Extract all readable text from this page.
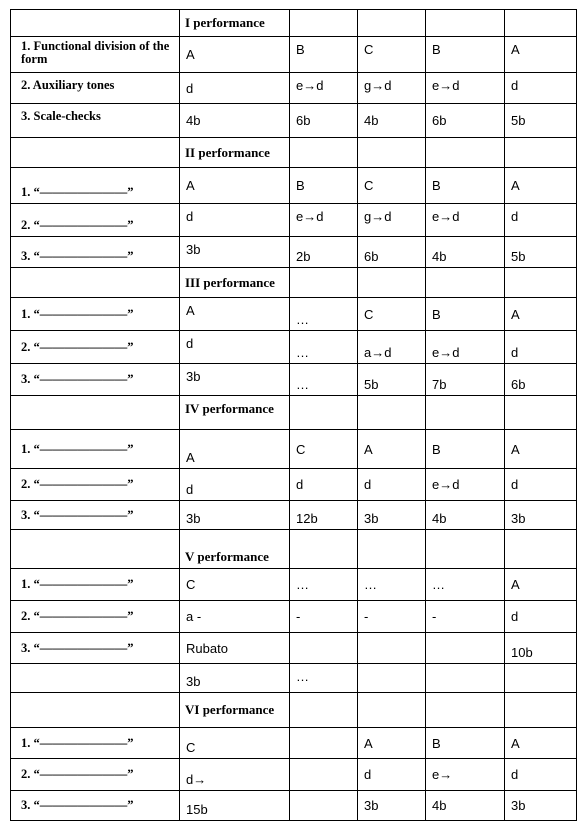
	I performance				
1. Functional division of the form	A	B	C	B	A
2. Auxiliary tones	d	e→d	g→d	e→d	d
3. Scale-checks	4b	6b	4b	6b	5b
	II performance				
1. “———————”	A	B	C	B	A
2. “———————”	d	e→d	g→d	e→d	d
3. “———————”	3b	2b	6b	4b	5b
	III performance				
1. “———————”	A	…	C	B	A
2. “———————”	d	…	a→d	e→d	d
3. “———————”	3b	…	5b	7b	6b
	IV performance				
1. “———————”	A	C	A	B	A
2. “———————”	d	d	d	e→d	d
3. “———————”	3b	12b	3b	4b	3b
	V performance				
1. “———————”	C	…	…	…	A
2. “———————”	a -	-	-	-	d
3. “———————”	Rubato				10b
	3b	…			
	VI performance				
1. “———————”	C		A	B	A
2. “———————”	d→		d	e→	d
3. “———————”	15b		3b	4b	3b
